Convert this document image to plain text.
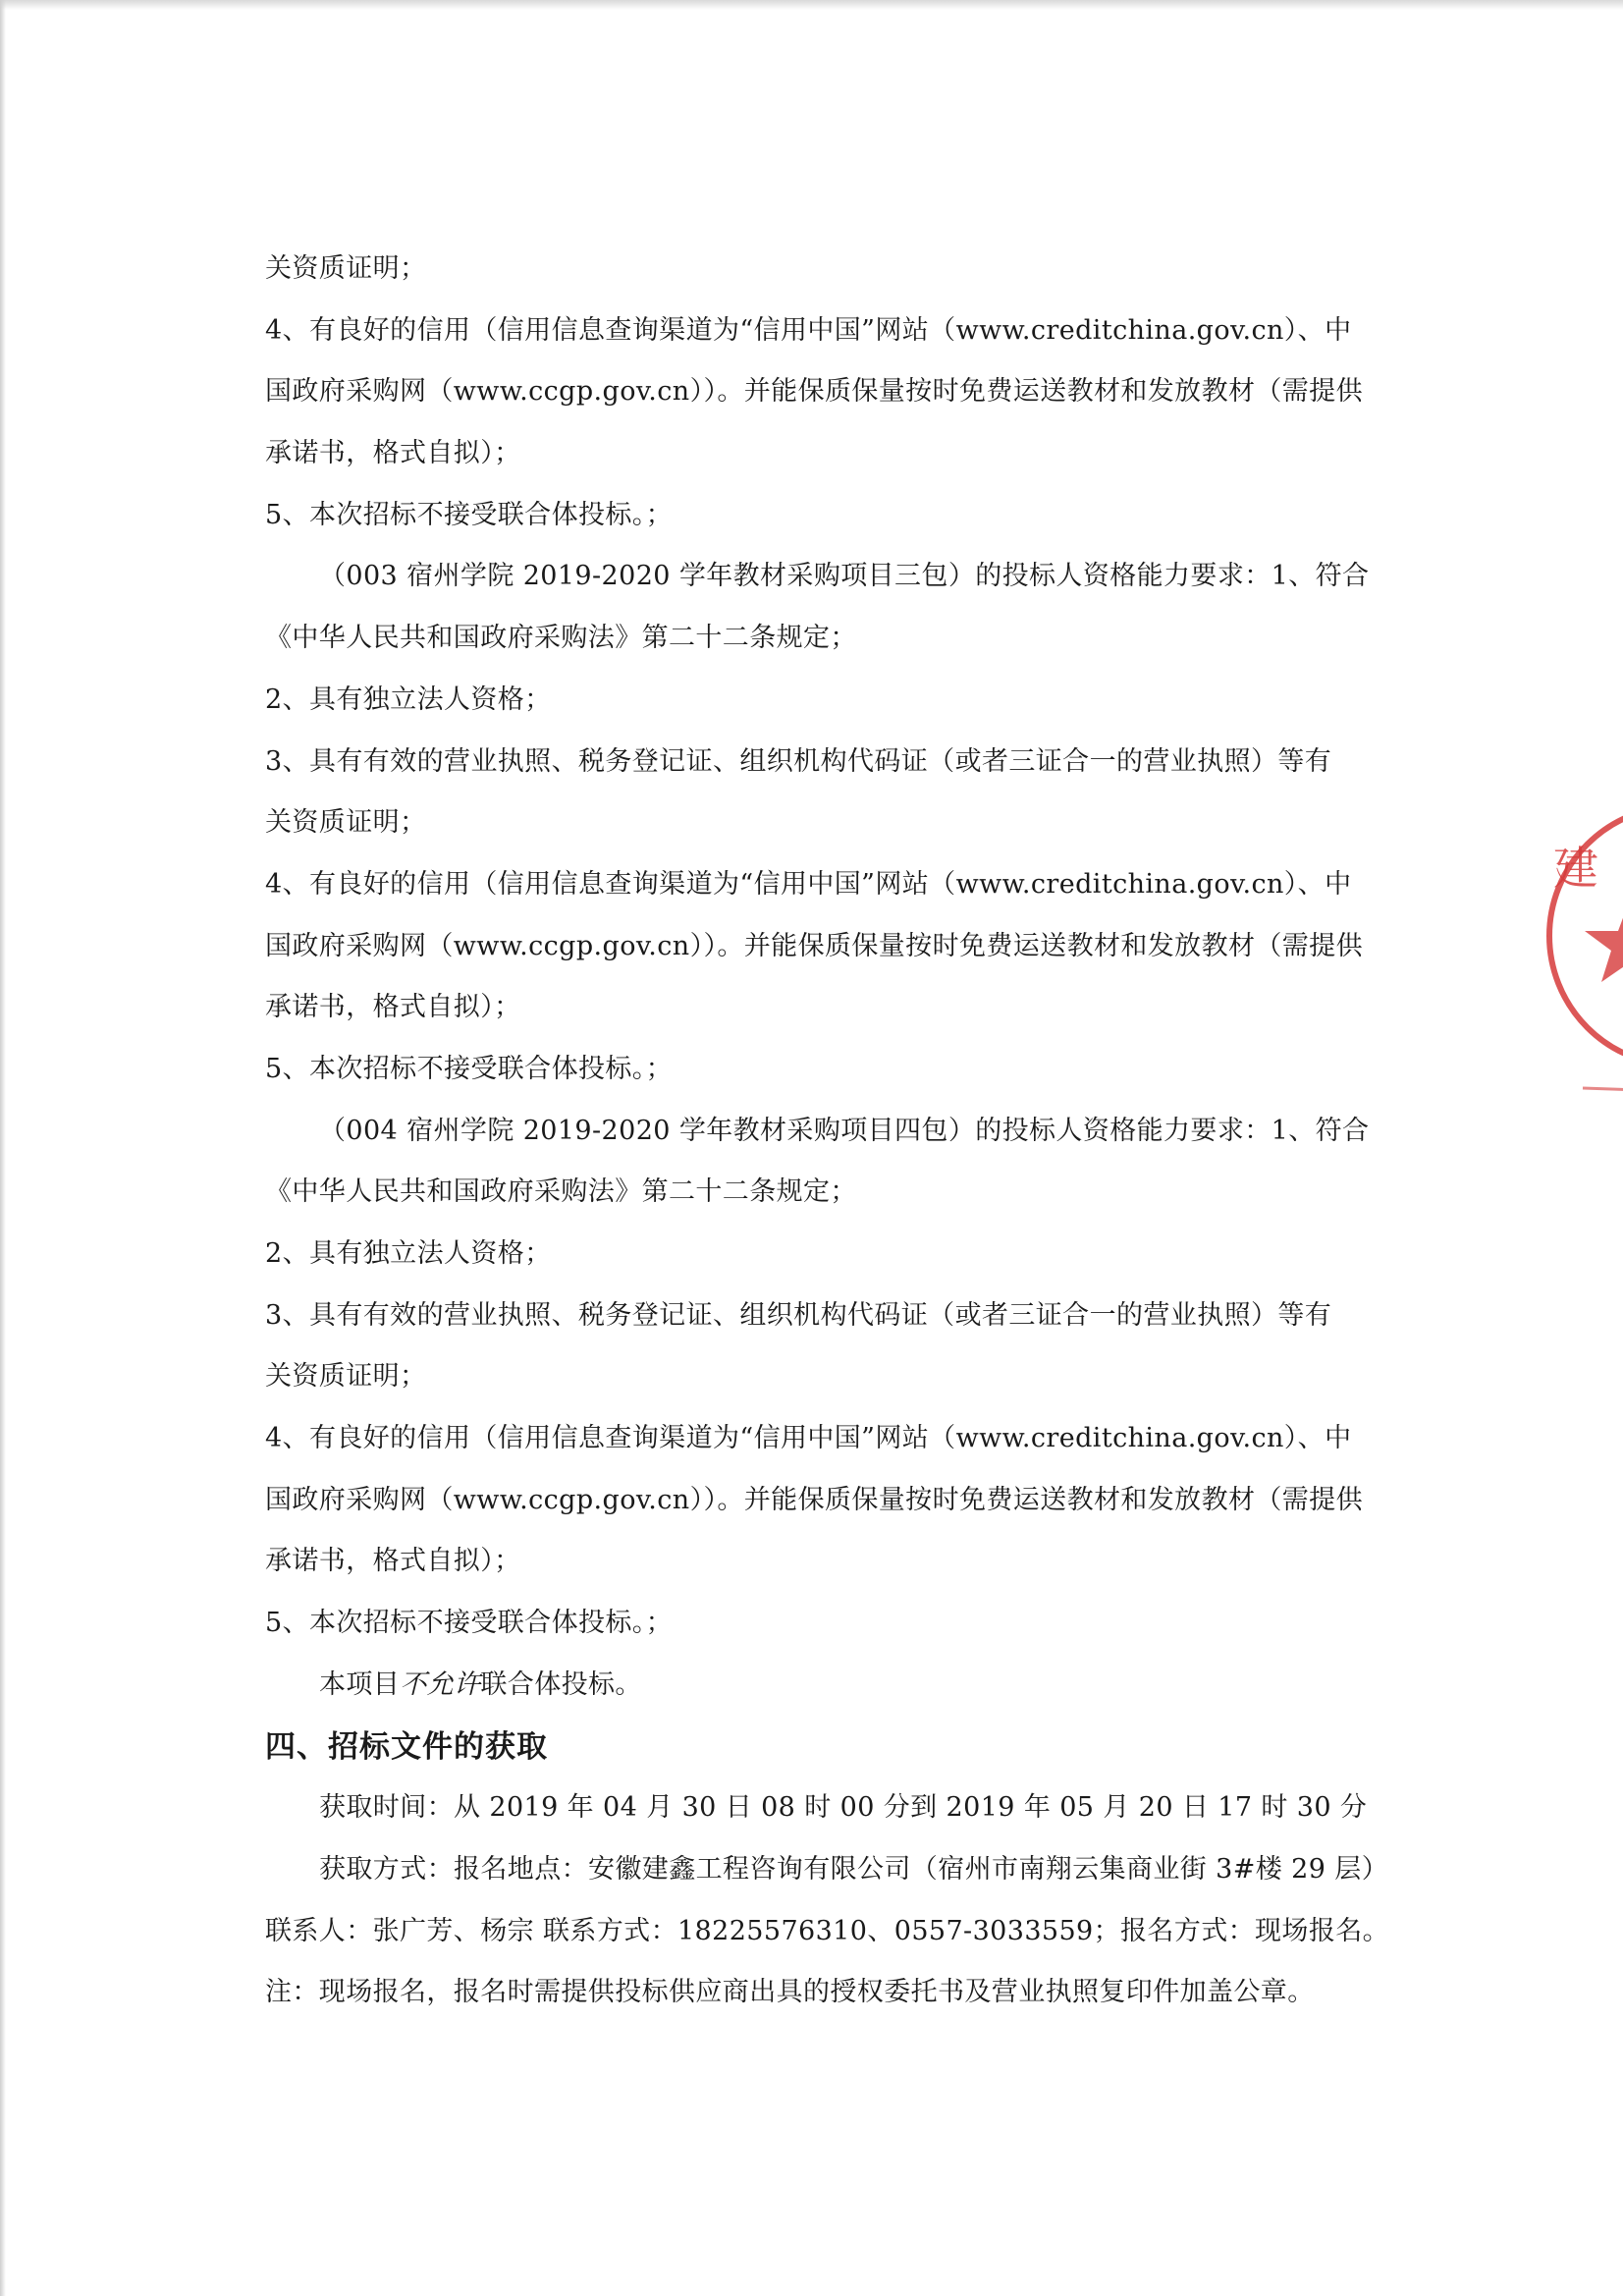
关资质证明；
4、有良好的信用（信用信息查询渠道为“信用中国”网站（www.creditchina.gov.cn）、中
国政府采购网（www.ccgp.gov.cn））。并能保质保量按时免费运送教材和发放教材（需提供
承诺书，格式自拟）；
5、本次招标不接受联合体投标。；
（003 宿州学院 2019-2020 学年教材采购项目三包）的投标人资格能力要求：1、符合
《中华人民共和国政府采购法》第二十二条规定；
2、具有独立法人资格；
3、具有有效的营业执照、税务登记证、组织机构代码证（或者三证合一的营业执照）等有
关资质证明；
4、有良好的信用（信用信息查询渠道为“信用中国”网站（www.creditchina.gov.cn）、中
国政府采购网（www.ccgp.gov.cn））。并能保质保量按时免费运送教材和发放教材（需提供
承诺书，格式自拟）；
5、本次招标不接受联合体投标。；
（004 宿州学院 2019-2020 学年教材采购项目四包）的投标人资格能力要求：1、符合
《中华人民共和国政府采购法》第二十二条规定；
2、具有独立法人资格；
3、具有有效的营业执照、税务登记证、组织机构代码证（或者三证合一的营业执照）等有
关资质证明；
4、有良好的信用（信用信息查询渠道为“信用中国”网站（www.creditchina.gov.cn）、中
国政府采购网（www.ccgp.gov.cn））。并能保质保量按时免费运送教材和发放教材（需提供
承诺书，格式自拟）；
5、本次招标不接受联合体投标。；
本项目不允许联合体投标。
四、招标文件的获取
获取时间：从 2019 年 04 月 30 日 08 时 00 分到 2019 年 05 月 20 日 17 时 30 分
获取方式：报名地点：安徽建鑫工程咨询有限公司（宿州市南翔云集商业街 3#楼 29 层）
联系人：张广芳、杨宗 联系方式：18225576310、0557-3033559；报名方式：现场报名。
注：现场报名，报名时需提供投标供应商出具的授权委托书及营业执照复印件加盖公章。
建
